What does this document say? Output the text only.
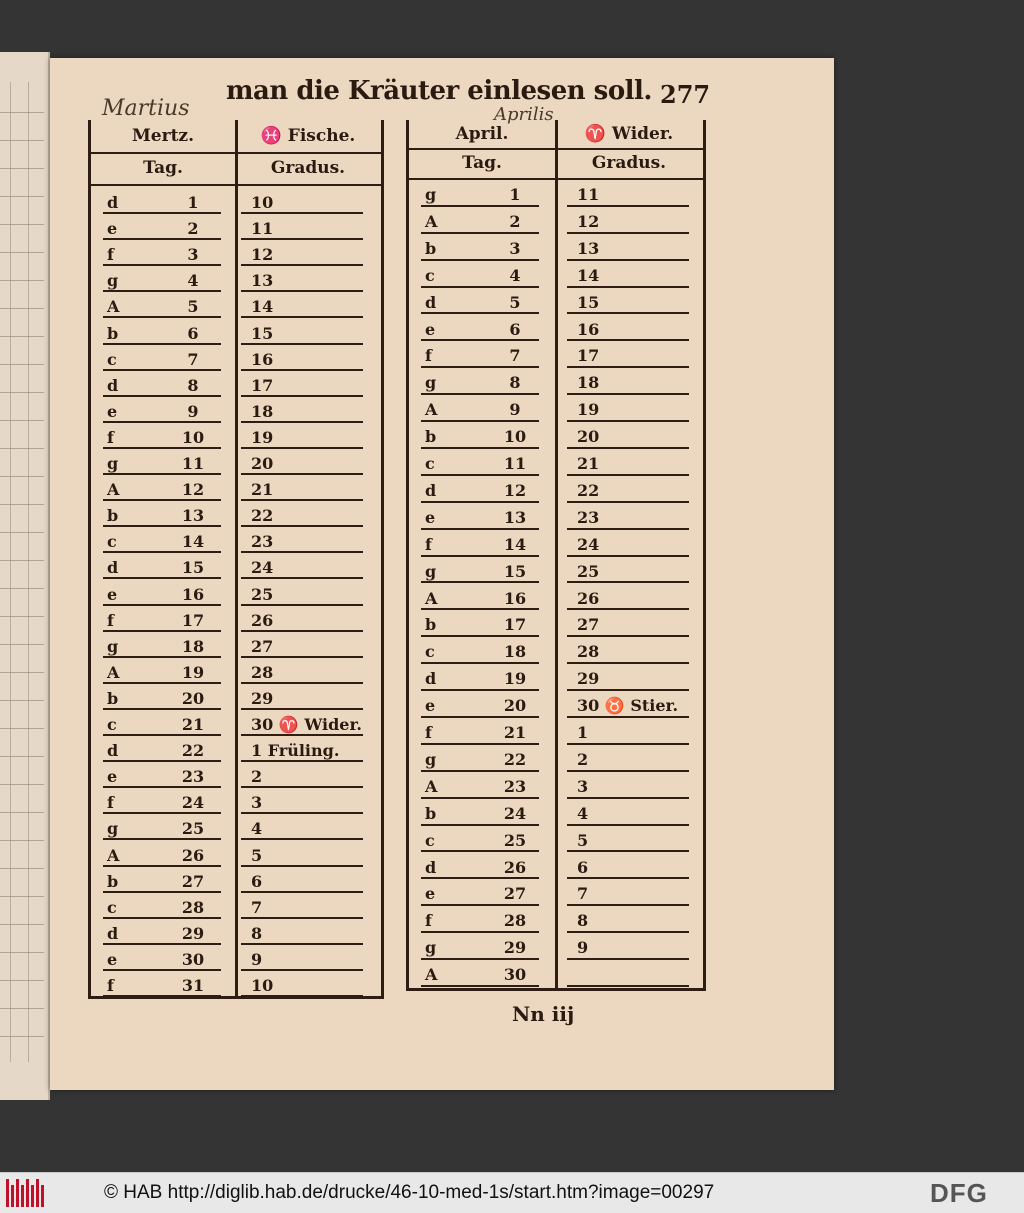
Martius
man die Kräuter einlesen soll. 277
Aprilis
Mertz.	♓ Fische.
Tag.	Gradus.
d	1	10
e	2	11
f	3	12
g	4	13
A	5	14
b	6	15
c	7	16
d	8	17
e	9	18
f	10	19
g	11	20
A	12	21
b	13	22
c	14	23
d	15	24
e	16	25
f	17	26
g	18	27
A	19	28
b	20	29
c	21	30 ♈ Wider.
d	22	1 Früling.
e	23	2
f	24	3
g	25	4
A	26	5
b	27	6
c	28	7
d	29	8
e	30	9
f	31	10
April.	♈ Wider.
Tag.	Gradus.
g	1	11
A	2	12
b	3	13
c	4	14
d	5	15
e	6	16
f	7	17
g	8	18
A	9	19
b	10	20
c	11	21
d	12	22
e	13	23
f	14	24
g	15	25
A	16	26
b	17	27
c	18	28
d	19	29
e	20	30 ♉ Stier.
f	21	1
g	22	2
A	23	3
b	24	4
c	25	5
d	26	6
e	27	7
f	28	8
g	29	9
A	30
Nn iij
© HAB http://diglib.hab.de/drucke/46-10-med-1s/start.htm?image=00297	DFG
